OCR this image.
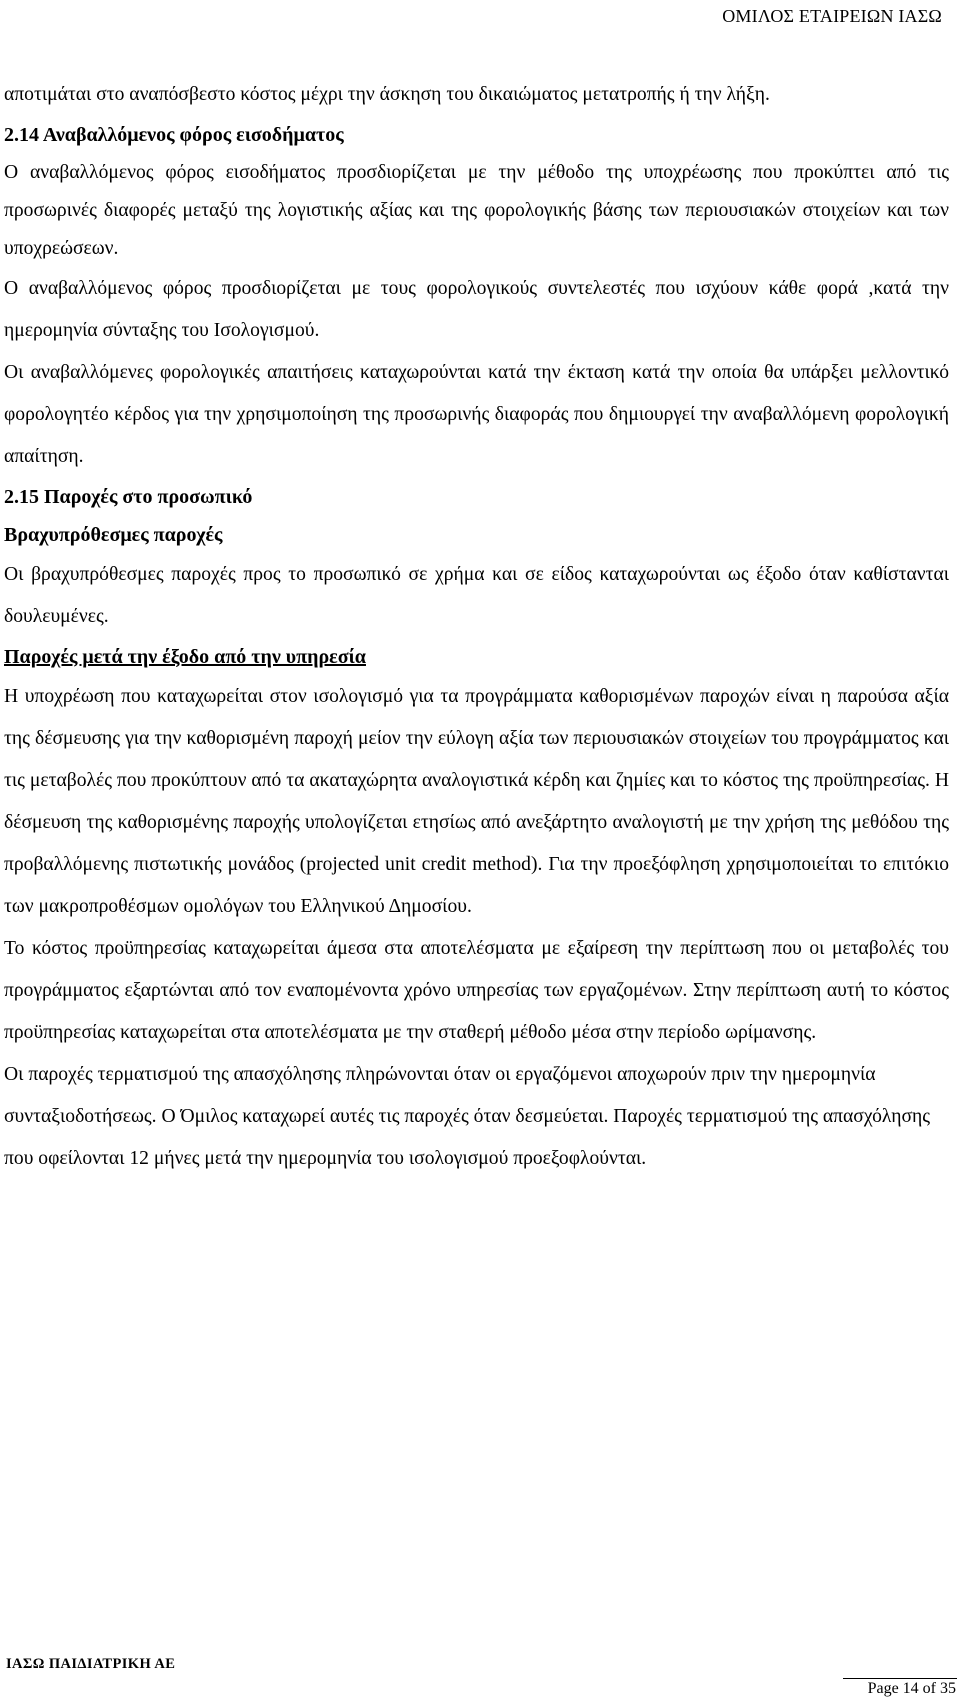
ΟΜΙΛΟΣ ΕΤΑΙΡΕΙΩΝ ΙΑΣΩ

αποτιμάται στο αναπόσβεστο κόστος μέχρι την άσκηση του δικαιώματος μετατροπής ή την λήξη.

2.14 Αναβαλλόμενος φόρος εισοδήματος

Ο αναβαλλόμενος φόρος εισοδήματος προσδιορίζεται με την μέθοδο της υποχρέωσης που προκύπτει από τις προσωρινές διαφορές μεταξύ της λογιστικής αξίας και της φορολογικής βάσης των περιουσιακών στοιχείων και των υποχρεώσεων.

Ο αναβαλλόμενος φόρος προσδιορίζεται με τους φορολογικούς συντελεστές που ισχύουν κάθε φορά ,κατά την ημερομηνία σύνταξης του Ισολογισμού.

Οι αναβαλλόμενες φορολογικές απαιτήσεις καταχωρούνται κατά την έκταση κατά την οποία θα υπάρξει μελλοντικό φορολογητέο κέρδος για την χρησιμοποίηση της προσωρινής διαφοράς που δημιουργεί την αναβαλλόμενη φορολογική απαίτηση.

2.15 Παροχές στο προσωπικό

Βραχυπρόθεσμες παροχές

Οι βραχυπρόθεσμες παροχές προς το προσωπικό σε χρήμα και σε είδος καταχωρούνται ως έξοδο όταν καθίστανται δουλευμένες.

Παροχές μετά την έξοδο από την υπηρεσία

Η υποχρέωση που καταχωρείται στον ισολογισμό για τα προγράμματα καθορισμένων παροχών είναι η παρούσα αξία της δέσμευσης για την καθορισμένη παροχή μείον την εύλογη αξία των περιουσιακών στοιχείων του προγράμματος και τις μεταβολές που προκύπτουν από τα ακαταχώρητα αναλογιστικά κέρδη και ζημίες και το κόστος της προϋπηρεσίας. Η δέσμευση της καθορισμένης παροχής υπολογίζεται ετησίως από ανεξάρτητο αναλογιστή με την χρήση της μεθόδου της προβαλλόμενης πιστωτικής μονάδος (projected unit credit method). Για την προεξόφληση χρησιμοποιείται το επιτόκιο των μακροπροθέσμων ομολόγων του Ελληνικού Δημοσίου.

Το κόστος προϋπηρεσίας καταχωρείται άμεσα στα αποτελέσματα με εξαίρεση την περίπτωση που οι μεταβολές του προγράμματος εξαρτώνται από τον εναπομένοντα χρόνο υπηρεσίας των εργαζομένων. Στην περίπτωση αυτή το κόστος προϋπηρεσίας καταχωρείται στα αποτελέσματα με την σταθερή μέθοδο μέσα στην περίοδο ωρίμανσης.

Οι παροχές τερματισμού της απασχόλησης πληρώνονται όταν οι εργαζόμενοι αποχωρούν πριν την ημερομηνία συνταξιοδοτήσεως. Ο Όμιλος καταχωρεί αυτές τις παροχές όταν δεσμεύεται. Παροχές τερματισμού της απασχόλησης που οφείλονται 12 μήνες μετά την ημερομηνία του ισολογισμού προεξοφλούνται.

ΙΑΣΩ ΠΑΙΔΙΑΤΡΙΚΗ ΑΕ
Page 14 of 35
